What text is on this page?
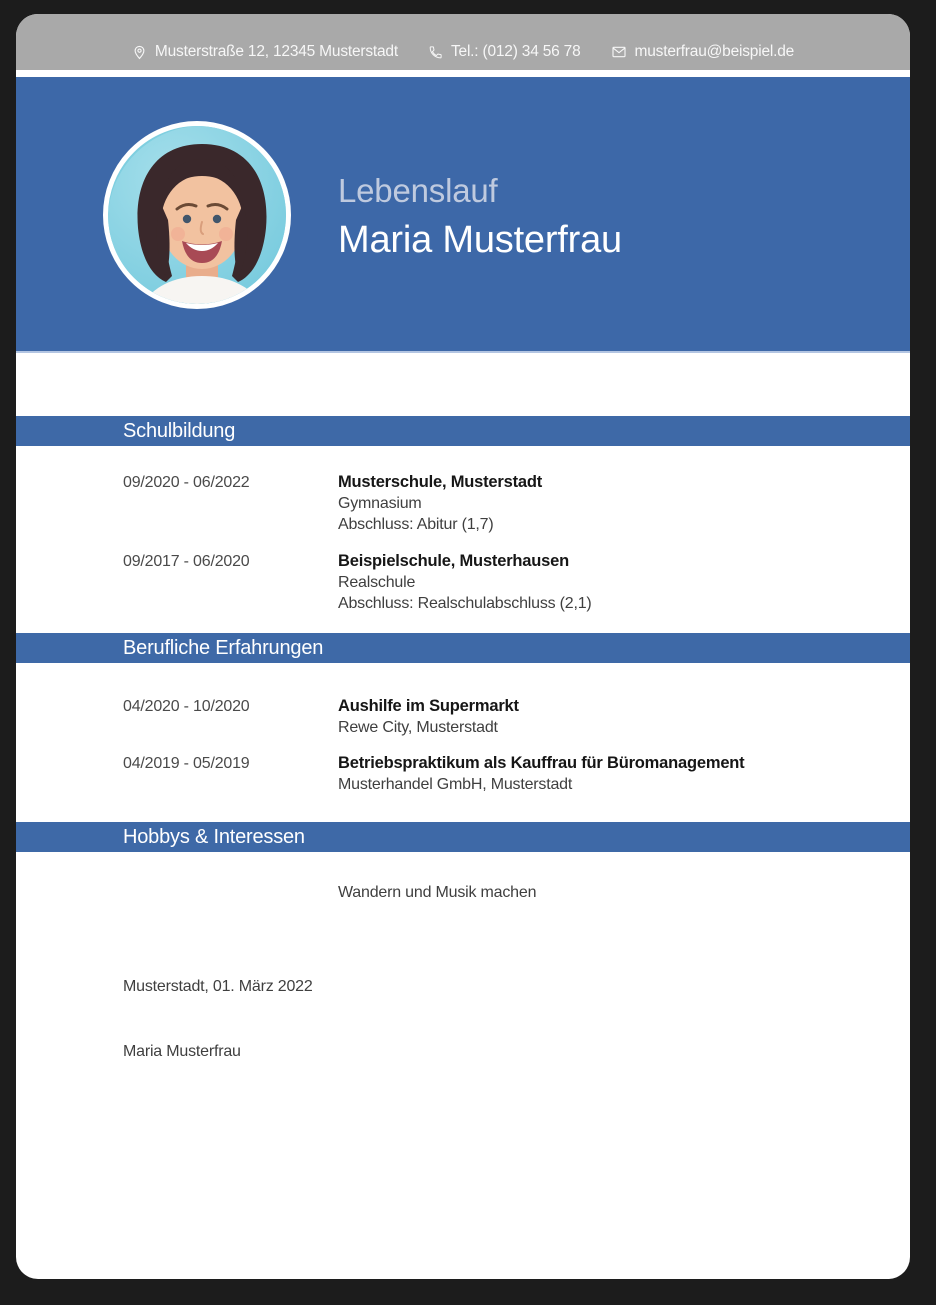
Musterstraße 12, 12345 Musterstadt	Tel.: (012) 34 56 78	musterfrau@beispiel.de
Lebenslauf
Maria Musterfrau
Schulbildung
09/2020 - 06/2022	Musterschule, Musterstadt
Gymnasium
Abschluss: Abitur (1,7)
09/2017 - 06/2020	Beispielschule, Musterhausen
Realschule
Abschluss: Realschulabschluss (2,1)
Berufliche Erfahrungen
04/2020 - 10/2020	Aushilfe im Supermarkt
Rewe City, Musterstadt
04/2019 - 05/2019	Betriebspraktikum als Kauffrau für Büromanagement
Musterhandel GmbH, Musterstadt
Hobbys & Interessen
Wandern und Musik machen
Musterstadt, 01. März 2022
Maria Musterfrau
